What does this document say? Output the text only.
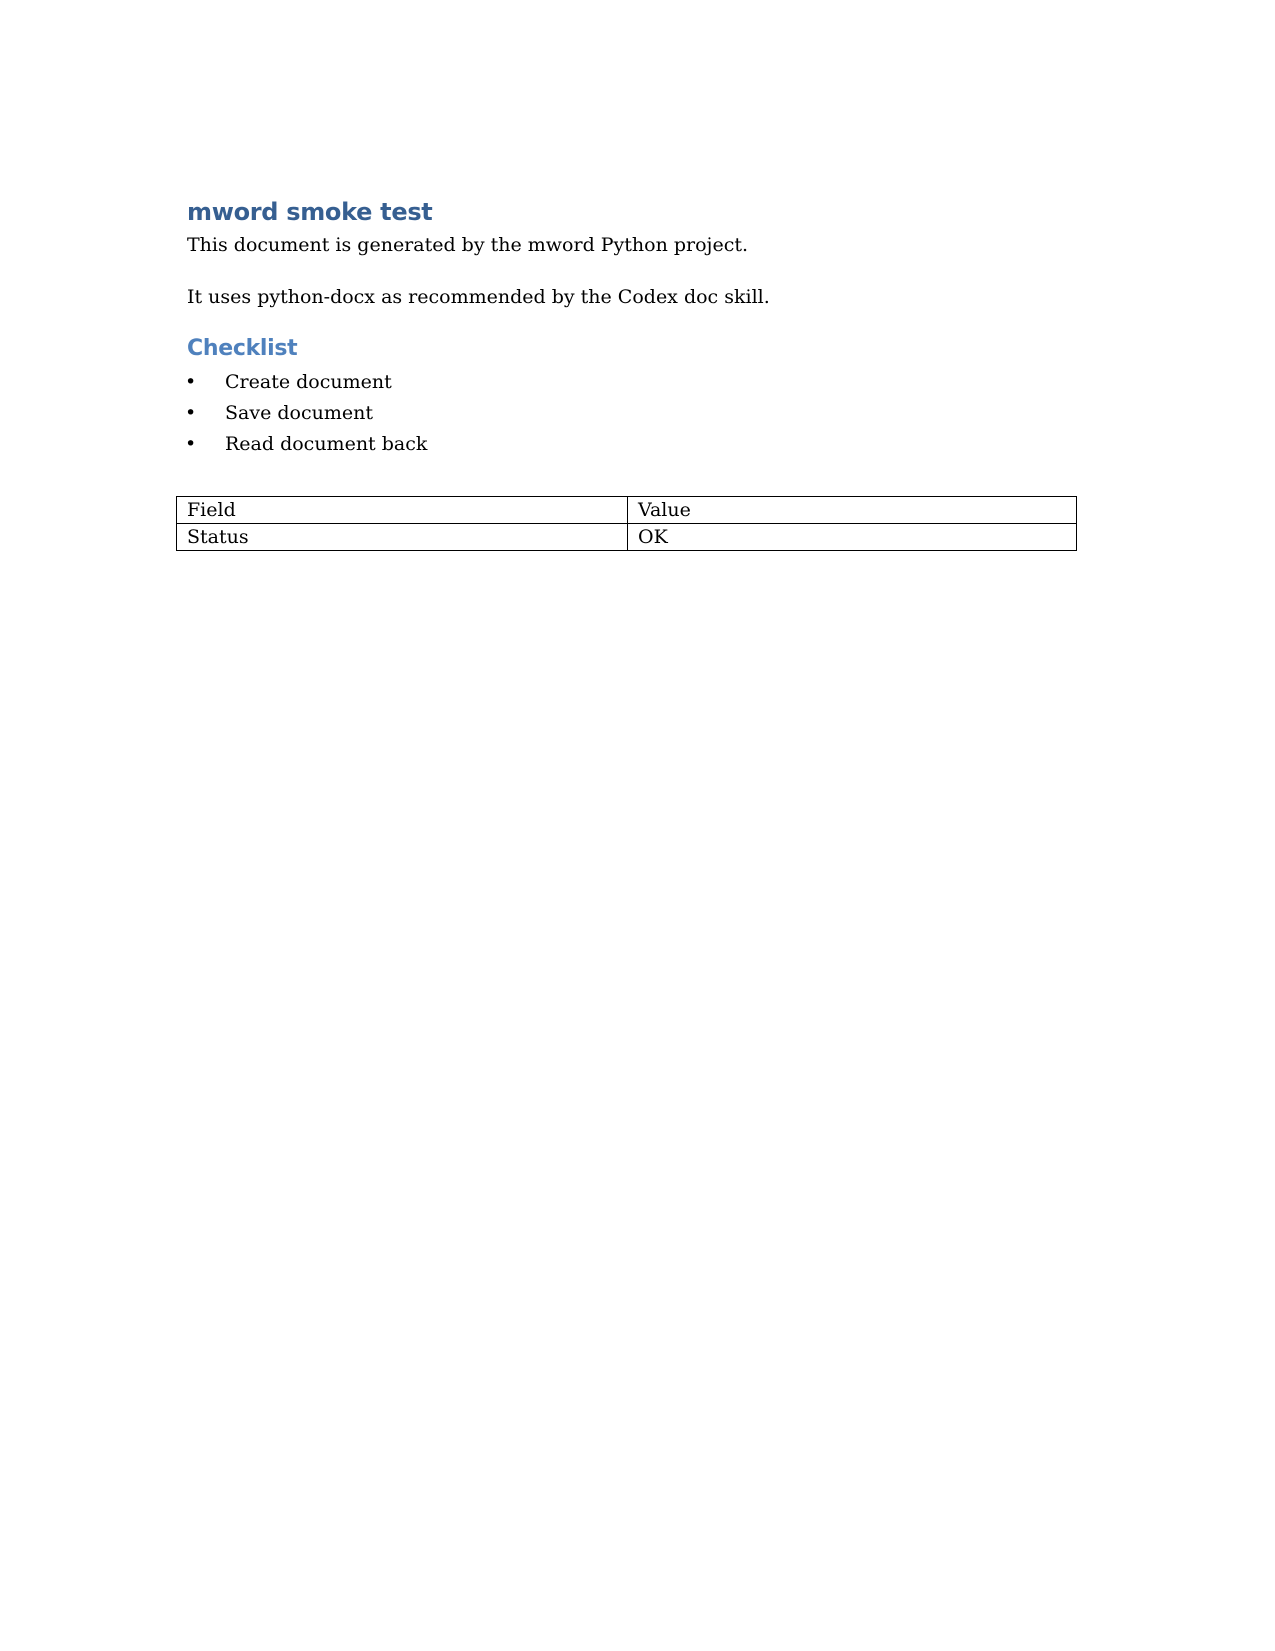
mword smoke test

This document is generated by the mword Python project.

It uses python-docx as recommended by the Codex doc skill.

Checklist
• Create document
• Save document
• Read document back
Field	Value
Status	OK
